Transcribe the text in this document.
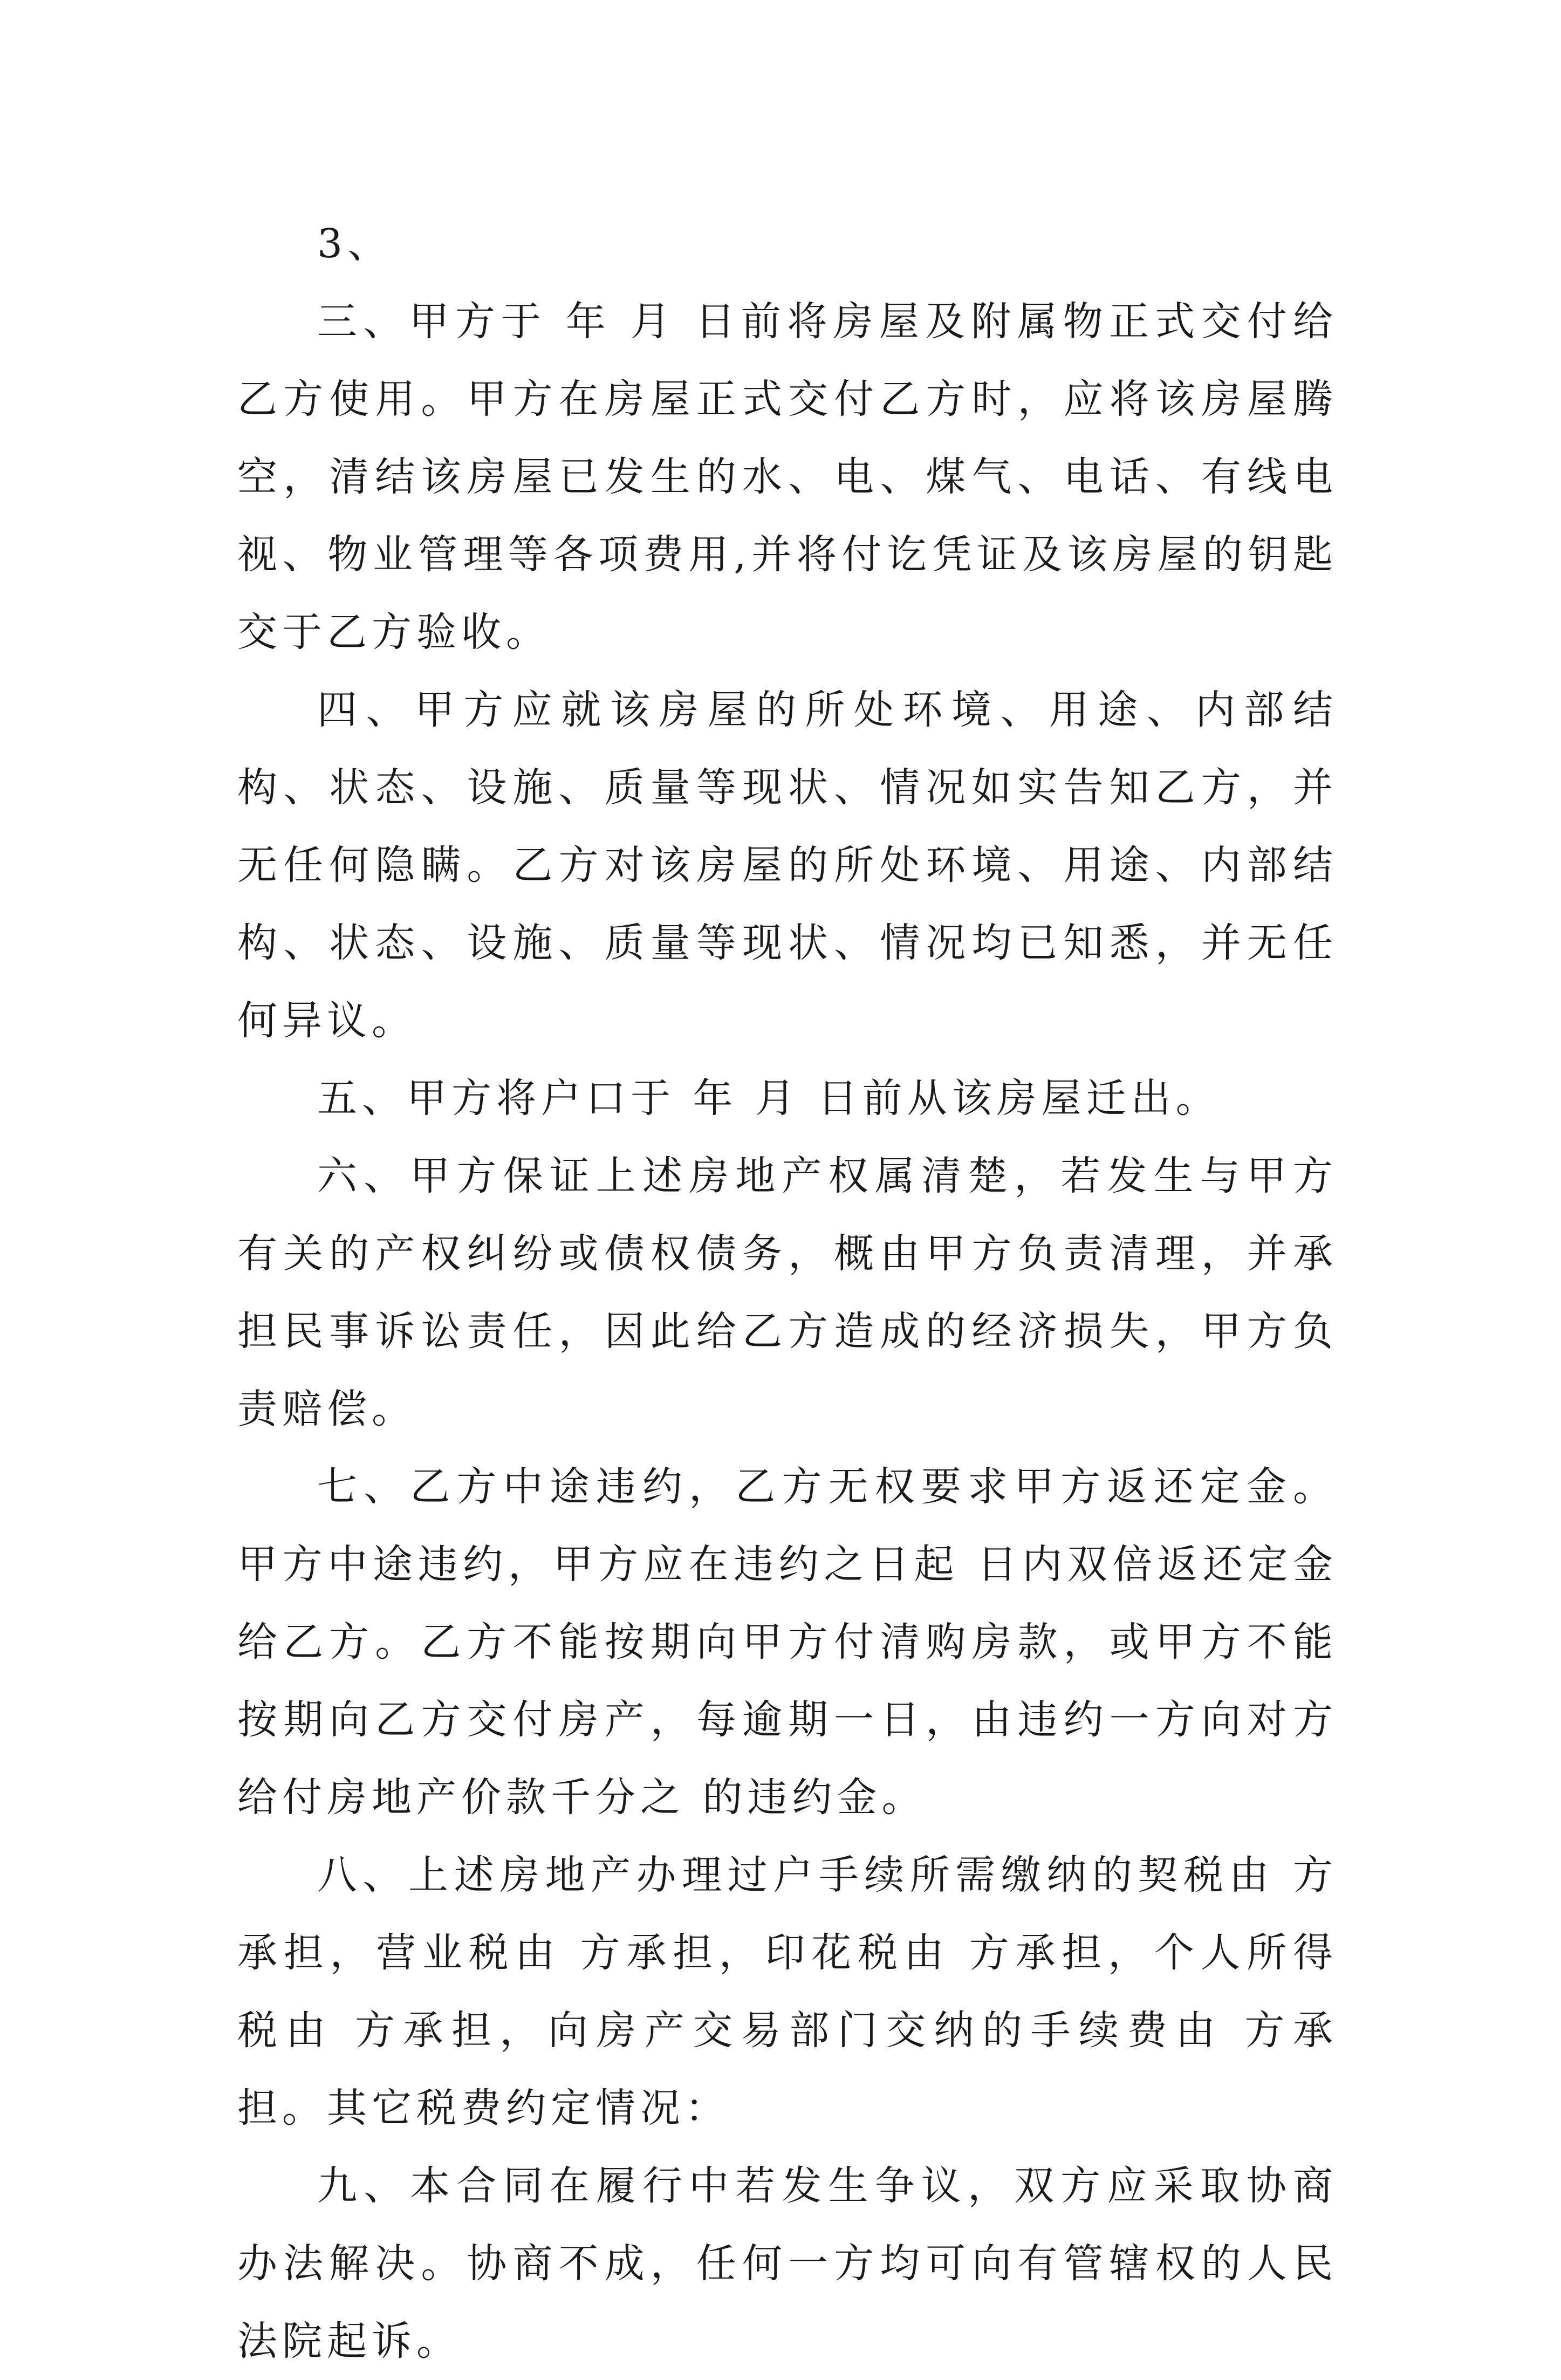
3、

三、甲方于 年 月 日前将房屋及附属物正式交付给乙方使用。甲方在房屋正式交付乙方时，应将该房屋腾空，清结该房屋已发生的水、电、煤气、电话、有线电视、物业管理等各项费用,并将付讫凭证及该房屋的钥匙交于乙方验收。

四、甲方应就该房屋的所处环境、用途、内部结构、状态、设施、质量等现状、情况如实告知乙方，并无任何隐瞒。乙方对该房屋的所处环境、用途、内部结构、状态、设施、质量等现状、情况均已知悉，并无任何异议。

五、甲方将户口于 年 月 日前从该房屋迁出。

六、甲方保证上述房地产权属清楚，若发生与甲方有关的产权纠纷或债权债务，概由甲方负责清理，并承担民事诉讼责任，因此给乙方造成的经济损失，甲方负责赔偿。

七、乙方中途违约，乙方无权要求甲方返还定金。甲方中途违约，甲方应在违约之日起 日内双倍返还定金给乙方。乙方不能按期向甲方付清购房款，或甲方不能按期向乙方交付房产，每逾期一日，由违约一方向对方给付房地产价款千分之 的违约金。

八、上述房地产办理过户手续所需缴纳的契税由 方承担，营业税由 方承担，印花税由 方承担，个人所得税由 方承担，向房产交易部门交纳的手续费由 方承担。其它税费约定情况：

九、本合同在履行中若发生争议，双方应采取协商办法解决。协商不成，任何一方均可向有管辖权的人民法院起诉。
